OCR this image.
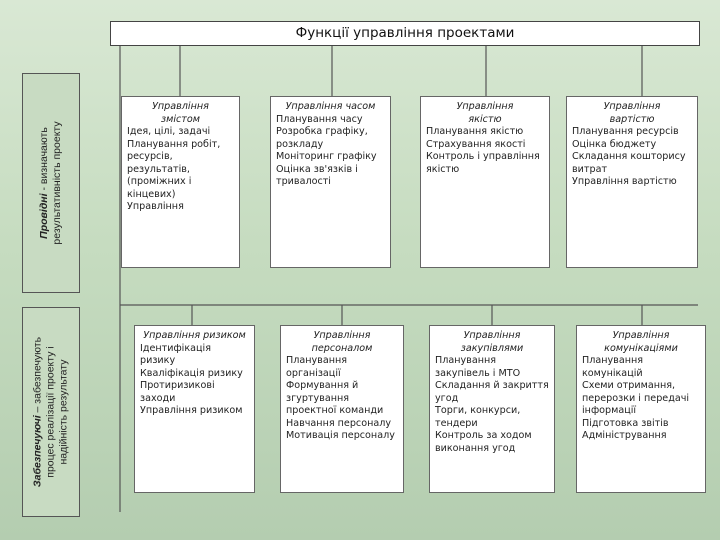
Функції управління проектами
Провідні - визначають результативність проекту
Забезпечуючі – забезпечують процес реалізації проекту і надійність результату
Управління
змістом
Ідея, цілі, задачі
Планування робіт, ресурсів, результатів, (проміжних і кінцевих)
Управління
Управління часом
Планування часу
Розробка графіку, розкладу
Моніторинг графіку
Оцінка зв'язків і тривалості
Управління
якістю
Планування якістю
Страхування якості
Контроль і управління якістю
Управління
вартістю
Планування ресурсів
Оцінка бюджету
Складання кошторису витрат
Управління вартістю
Управління ризиком
Ідентифікація ризику
Кваліфікація ризику
Протиризикові заходи
Управління ризиком
Управління
персоналом
Планування організації
Формування й згуртування проектної команди
Навчання персоналу
Мотивація персоналу
Управління
закупівлями
Планування закупівель і МТО
Складання й закриття угод
Торги, конкурси, тендери
Контроль за ходом виконання угод
Управління
комунікаціями
Планування комунікацій
Схеми отримання, перерозки і передачі інформації
Підготовка звітів
Адміністрування
